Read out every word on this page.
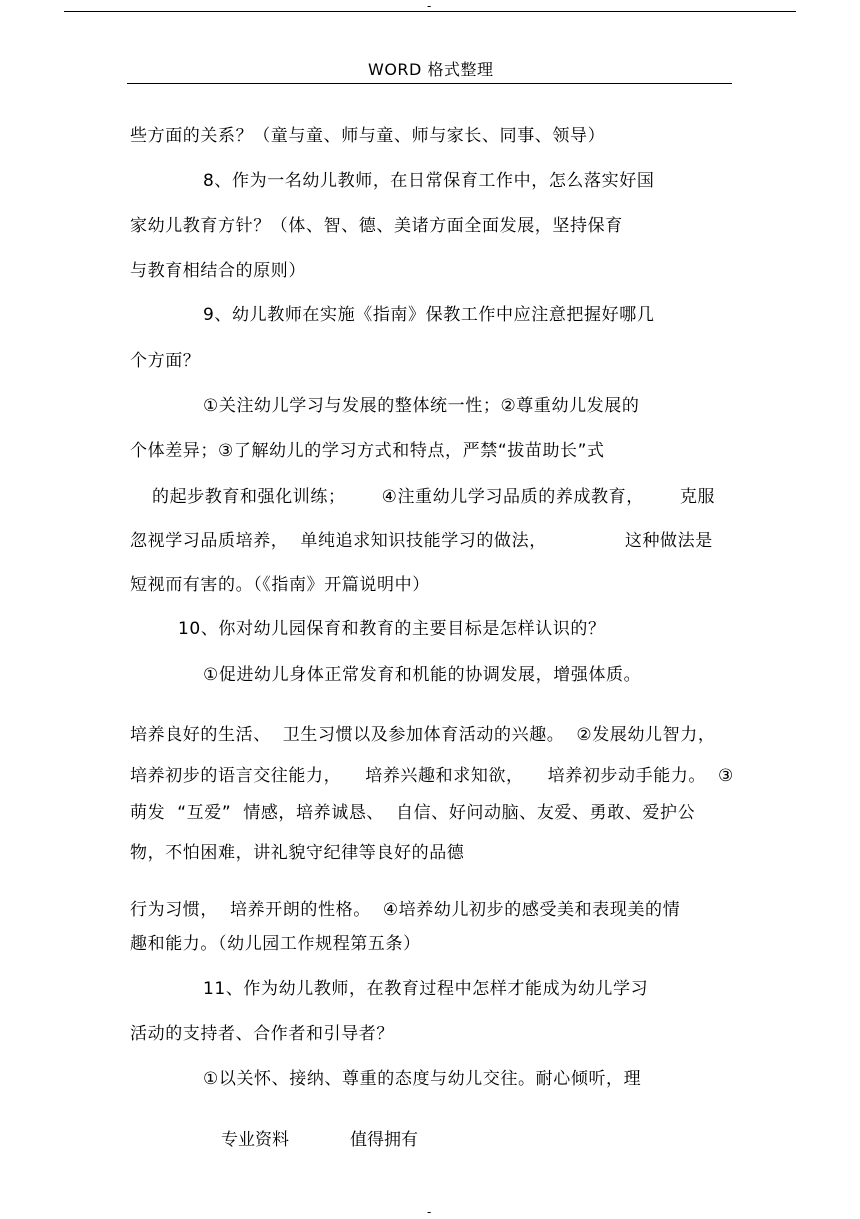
-
WORD 格式整理
些方面的关系？（童与童、师与童、师与家长、同事、领导）
8、作为一名幼儿教师，在日常保育工作中，怎么落实好国
家幼儿教育方针？（体、智、德、美诸方面全面发展，坚持保育
与教育相结合的原则）
9、幼儿教师在实施《指南》保教工作中应注意把握好哪几
个方面？
①关注幼儿学习与发展的整体统一性；②尊重幼儿发展的
个体差异；③了解幼儿的学习方式和特点，严禁“拔苗助长”式
的起步教育和强化训练；      ④注重幼儿学习品质的养成教育，      克服
忽视学习品质培养，  单纯追求知识技能学习的做法，             这种做法是
短视而有害的。（《指南》开篇说明中）
10、你对幼儿园保育和教育的主要目标是怎样认识的？
①促进幼儿身体正常发育和机能的协调发展，增强体质。
培养良好的生活、  卫生习惯以及参加体育活动的兴趣。  ②发展幼儿智力，
培养初步的语言交往能力，    培养兴趣和求知欲，    培养初步动手能力。  ③
萌发  “互爱”  情感，培养诚恳、  自信、好问动脑、友爱、勇敢、爱护公
物，不怕困难，讲礼貌守纪律等良好的品德
行为习惯，  培养开朗的性格。  ④培养幼儿初步的感受美和表现美的情
趣和能力。（幼儿园工作规程第五条）
11、作为幼儿教师，在教育过程中怎样才能成为幼儿学习
活动的支持者、合作者和引导者？
①以关怀、接纳、尊重的态度与幼儿交往。耐心倾听，理
专业资料	值得拥有
-
